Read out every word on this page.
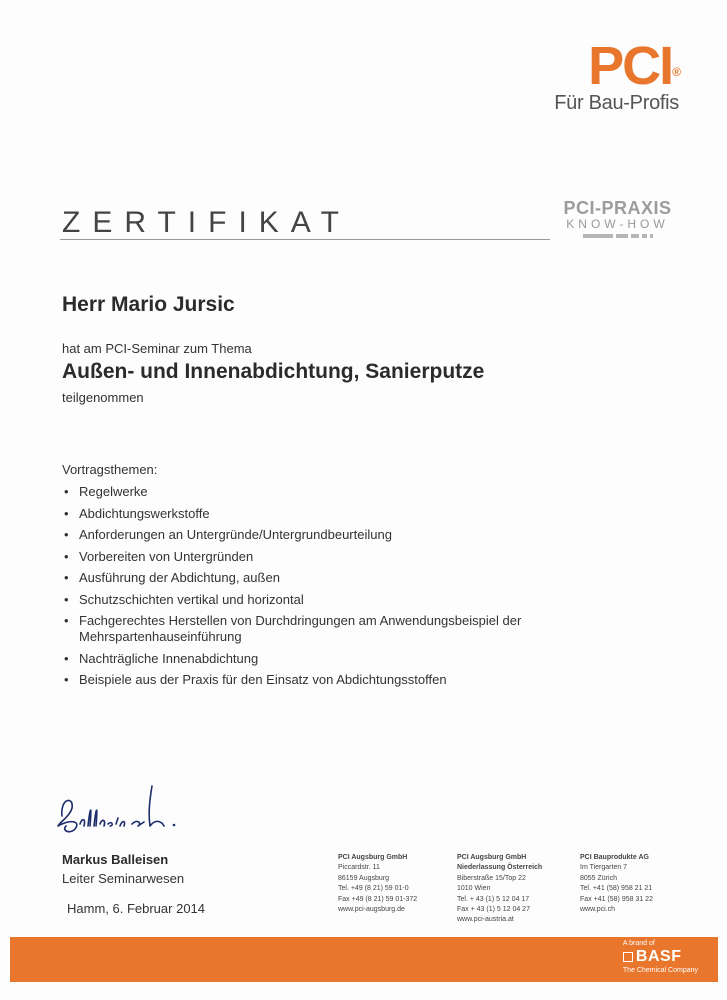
PCI®
Für Bau-Profis
ZERTIFIKAT	PCI-PRAXIS
KNOW-HOW
Herr Mario Jursic
hat am PCI-Seminar zum Thema
Außen- und Innenabdichtung, Sanierputze
teilgenommen
Vortragsthemen:
• Regelwerke
• Abdichtungswerkstoffe
• Anforderungen an Untergründe/Untergrundbeurteilung
• Vorbereiten von Untergründen
• Ausführung der Abdichtung, außen
• Schutzschichten vertikal und horizontal
• Fachgerechtes Herstellen von Durchdringungen am Anwendungsbeispiel der Mehrspartenhauseinführung
• Nachträgliche Innenabdichtung
• Beispiele aus der Praxis für den Einsatz von Abdichtungsstoffen
Markus Balleisen
Leiter Seminarwesen
Hamm, 6. Februar 2014
PCI Augsburg GmbH
Piccardstr. 11
86159 Augsburg
Tel. +49 (8 21) 59 01-0
Fax +49 (8 21) 59 01-372
www.pci-augsburg.de
PCI Augsburg GmbH
Niederlassung Österreich
Biberstraße 15/Top 22
1010 Wien
Tel. + 43 (1) 5 12 04 17
Fax + 43 (1) 5 12 04 27
www.pci-austria.at
PCI Bauprodukte AG
Im Tiergarten 7
8055 Zürich
Tel. +41 (58) 958 21 21
Fax +41 (58) 958 31 22
www.pci.ch
A brand of
BASF
The Chemical Company
